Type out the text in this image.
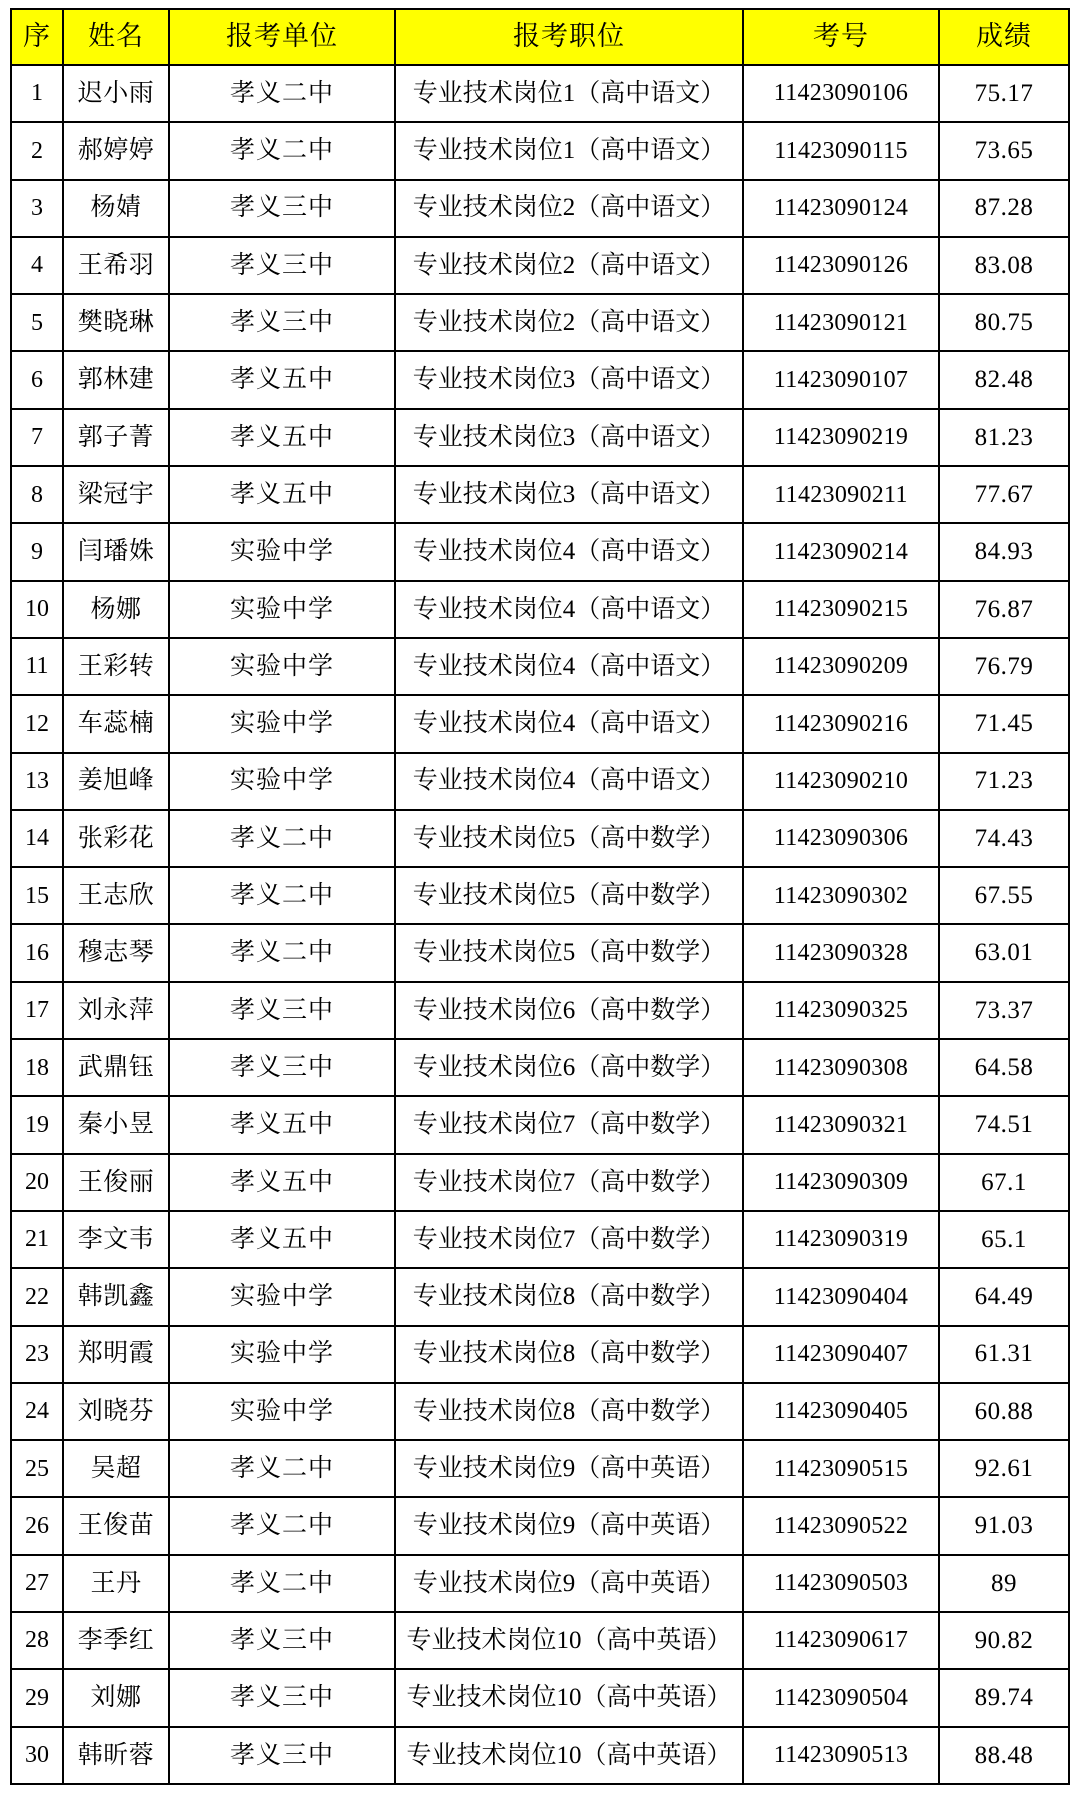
序	姓名	报考单位	报考职位	考号	成绩
1	迟小雨	孝义二中	专业技术岗位1（高中语文）	11423090106	75.17
2	郝婷婷	孝义二中	专业技术岗位1（高中语文）	11423090115	73.65
3	杨婧	孝义三中	专业技术岗位2（高中语文）	11423090124	87.28
4	王希羽	孝义三中	专业技术岗位2（高中语文）	11423090126	83.08
5	樊晓琳	孝义三中	专业技术岗位2（高中语文）	11423090121	80.75
6	郭林建	孝义五中	专业技术岗位3（高中语文）	11423090107	82.48
7	郭子菁	孝义五中	专业技术岗位3（高中语文）	11423090219	81.23
8	梁冠宇	孝义五中	专业技术岗位3（高中语文）	11423090211	77.67
9	闫璠姝	实验中学	专业技术岗位4（高中语文）	11423090214	84.93
10	杨娜	实验中学	专业技术岗位4（高中语文）	11423090215	76.87
11	王彩转	实验中学	专业技术岗位4（高中语文）	11423090209	76.79
12	车蕊楠	实验中学	专业技术岗位4（高中语文）	11423090216	71.45
13	姜旭峰	实验中学	专业技术岗位4（高中语文）	11423090210	71.23
14	张彩花	孝义二中	专业技术岗位5（高中数学）	11423090306	74.43
15	王志欣	孝义二中	专业技术岗位5（高中数学）	11423090302	67.55
16	穆志琴	孝义二中	专业技术岗位5（高中数学）	11423090328	63.01
17	刘永萍	孝义三中	专业技术岗位6（高中数学）	11423090325	73.37
18	武鼎钰	孝义三中	专业技术岗位6（高中数学）	11423090308	64.58
19	秦小昱	孝义五中	专业技术岗位7（高中数学）	11423090321	74.51
20	王俊丽	孝义五中	专业技术岗位7（高中数学）	11423090309	67.1
21	李文韦	孝义五中	专业技术岗位7（高中数学）	11423090319	65.1
22	韩凯鑫	实验中学	专业技术岗位8（高中数学）	11423090404	64.49
23	郑明霞	实验中学	专业技术岗位8（高中数学）	11423090407	61.31
24	刘晓芬	实验中学	专业技术岗位8（高中数学）	11423090405	60.88
25	吴超	孝义二中	专业技术岗位9（高中英语）	11423090515	92.61
26	王俊苗	孝义二中	专业技术岗位9（高中英语）	11423090522	91.03
27	王丹	孝义二中	专业技术岗位9（高中英语）	11423090503	89
28	李季红	孝义三中	专业技术岗位10（高中英语）	11423090617	90.82
29	刘娜	孝义三中	专业技术岗位10（高中英语）	11423090504	89.74
30	韩昕蓉	孝义三中	专业技术岗位10（高中英语）	11423090513	88.48
